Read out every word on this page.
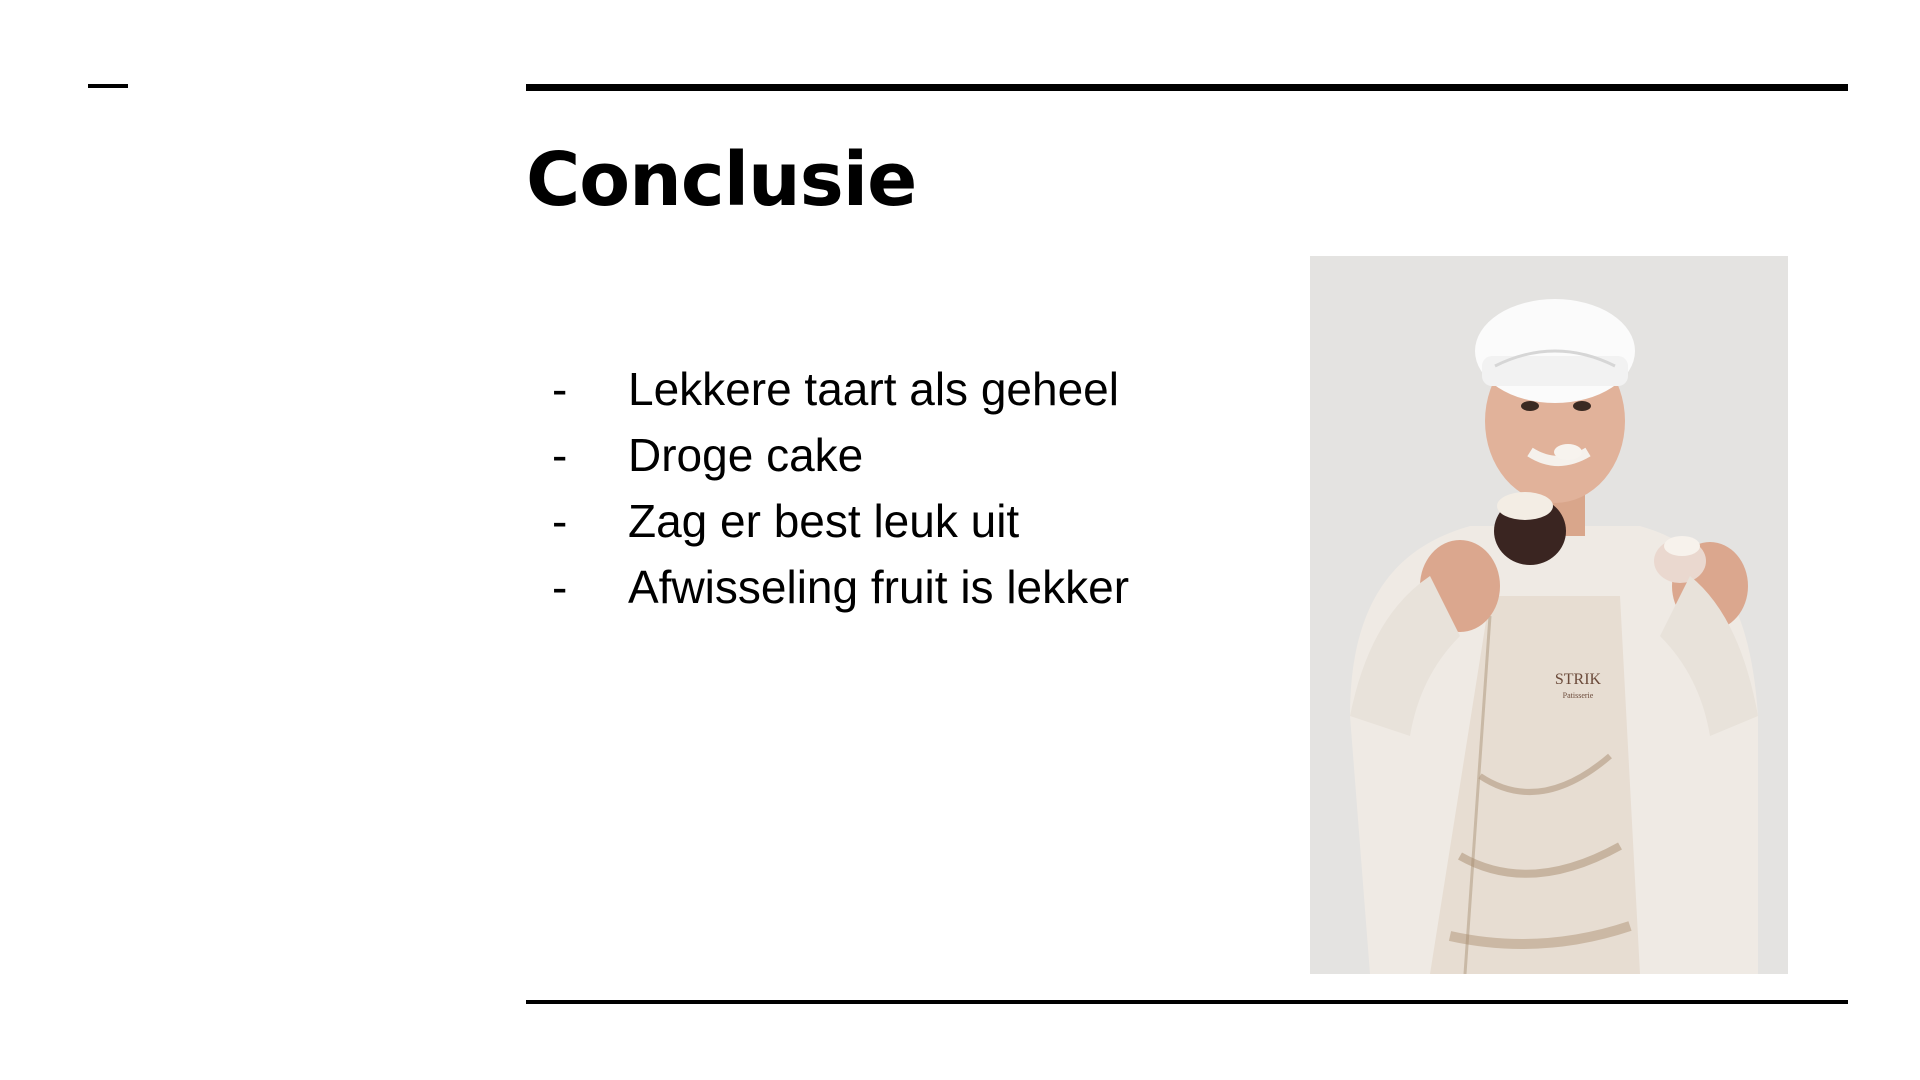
Conclusie
-	Lekkere taart als geheel
-	Droge cake
-	Zag er best leuk uit
-	Afwisseling fruit is lekker
STRIK
Patisserie
